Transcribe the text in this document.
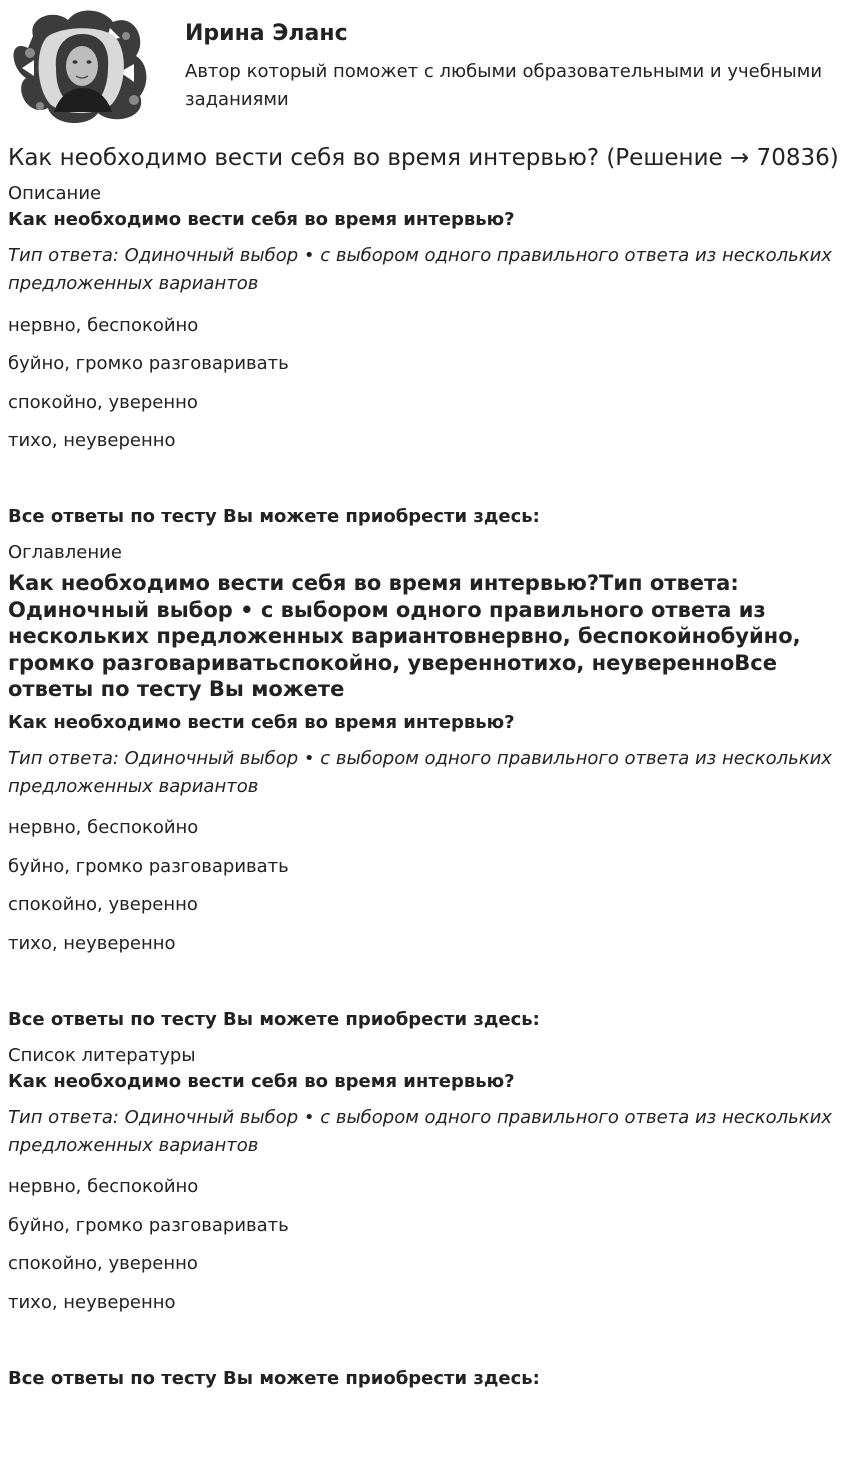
Ирина Эланс
Автор который поможет с любыми образовательными и учебными заданиями
Как необходимо вести себя во время интервью? (Решение → 70836)
Описание
Как необходимо вести себя во время интервью?
Тип ответа: Одиночный выбор • с выбором одного правильного ответа из нескольких предложенных вариантов
нервно, беспокойно
буйно, громко разговаривать
спокойно, уверенно
тихо, неуверенно
Все ответы по тесту Вы можете приобрести здесь:
Оглавление
Как необходимо вести себя во время интервью?Тип ответа: Одиночный выбор • с выбором одного правильного ответа из нескольких предложенных вариантовнервно, беспокойнобуйно, громко разговариватьспокойно, увереннотихо, неувереннoВсе ответы по тесту Вы можете
Как необходимо вести себя во время интервью?
Тип ответа: Одиночный выбор • с выбором одного правильного ответа из нескольких предложенных вариантов
нервно, беспокойно
буйно, громко разговаривать
спокойно, уверенно
тихо, неуверенно
Все ответы по тесту Вы можете приобрести здесь:
Список литературы
Как необходимо вести себя во время интервью?
Тип ответа: Одиночный выбор • с выбором одного правильного ответа из нескольких предложенных вариантов
нервно, беспокойно
буйно, громко разговаривать
спокойно, уверенно
тихо, неуверенно
Все ответы по тесту Вы можете приобрести здесь:
